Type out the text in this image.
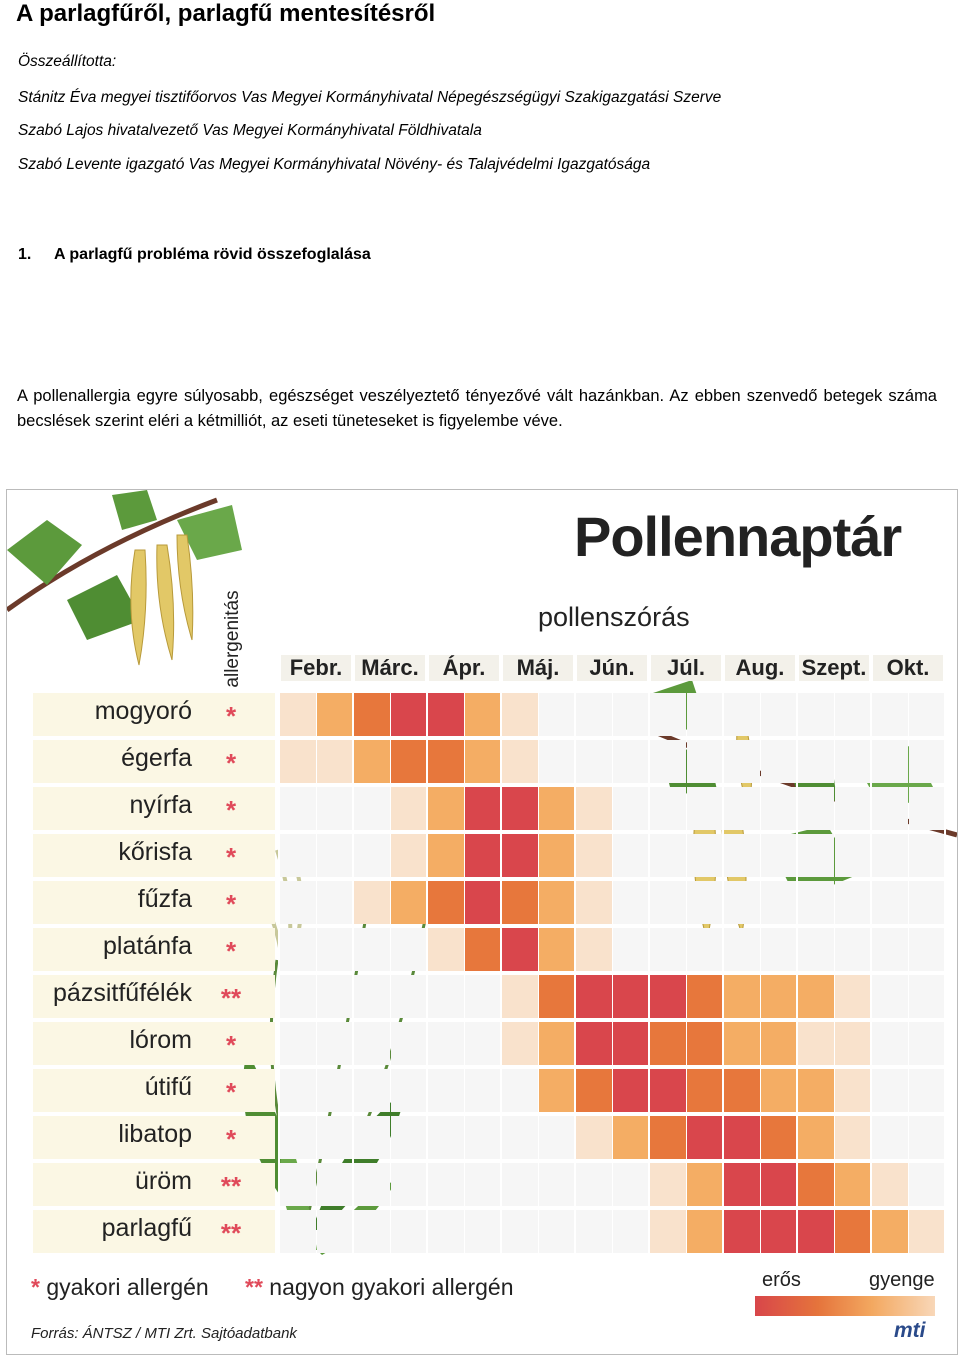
A parlagfűről, parlagfű mentesítésről
Összeállította:
Stánitz Éva megyei tisztifőorvos Vas Megyei Kormányhivatal Népegészségügyi Szakigazgatási Szerve
Szabó Lajos hivatalvezető Vas Megyei Kormányhivatal Földhivatala
Szabó Levente igazgató Vas Megyei Kormányhivatal Növény- és Talajvédelmi Igazgatósága
1. A parlagfű probléma rövid összefoglalása

A pollenallergia egyre súlyosabb, egészséget veszélyeztető tényezővé vált hazánkban. Az ebben szenvedő betegek száma becslések szerint eléri a kétmilliót, az eseti tüneteseket is figyelembe véve.

Pollennaptár
pollenszórás
allergenitás	Febr. Márc.	Ápr.	Máj.	Jún.	Júl.	Aug. Szept. Okt.
mogyoró	*
égerfa	*
nyírfa	*
kőrisfa	*
fűzfa	*
platánfa	*
pázsitfűfélék	**
lórom	*
útifű	*
libatop	*
üröm	**
parlagfű	**
* gyakori allergén ** nagyon gyakori allergén	erős	gyenge
Forrás: ÁNTSZ / MTI Zrt. Sajtóadatbank	mti
